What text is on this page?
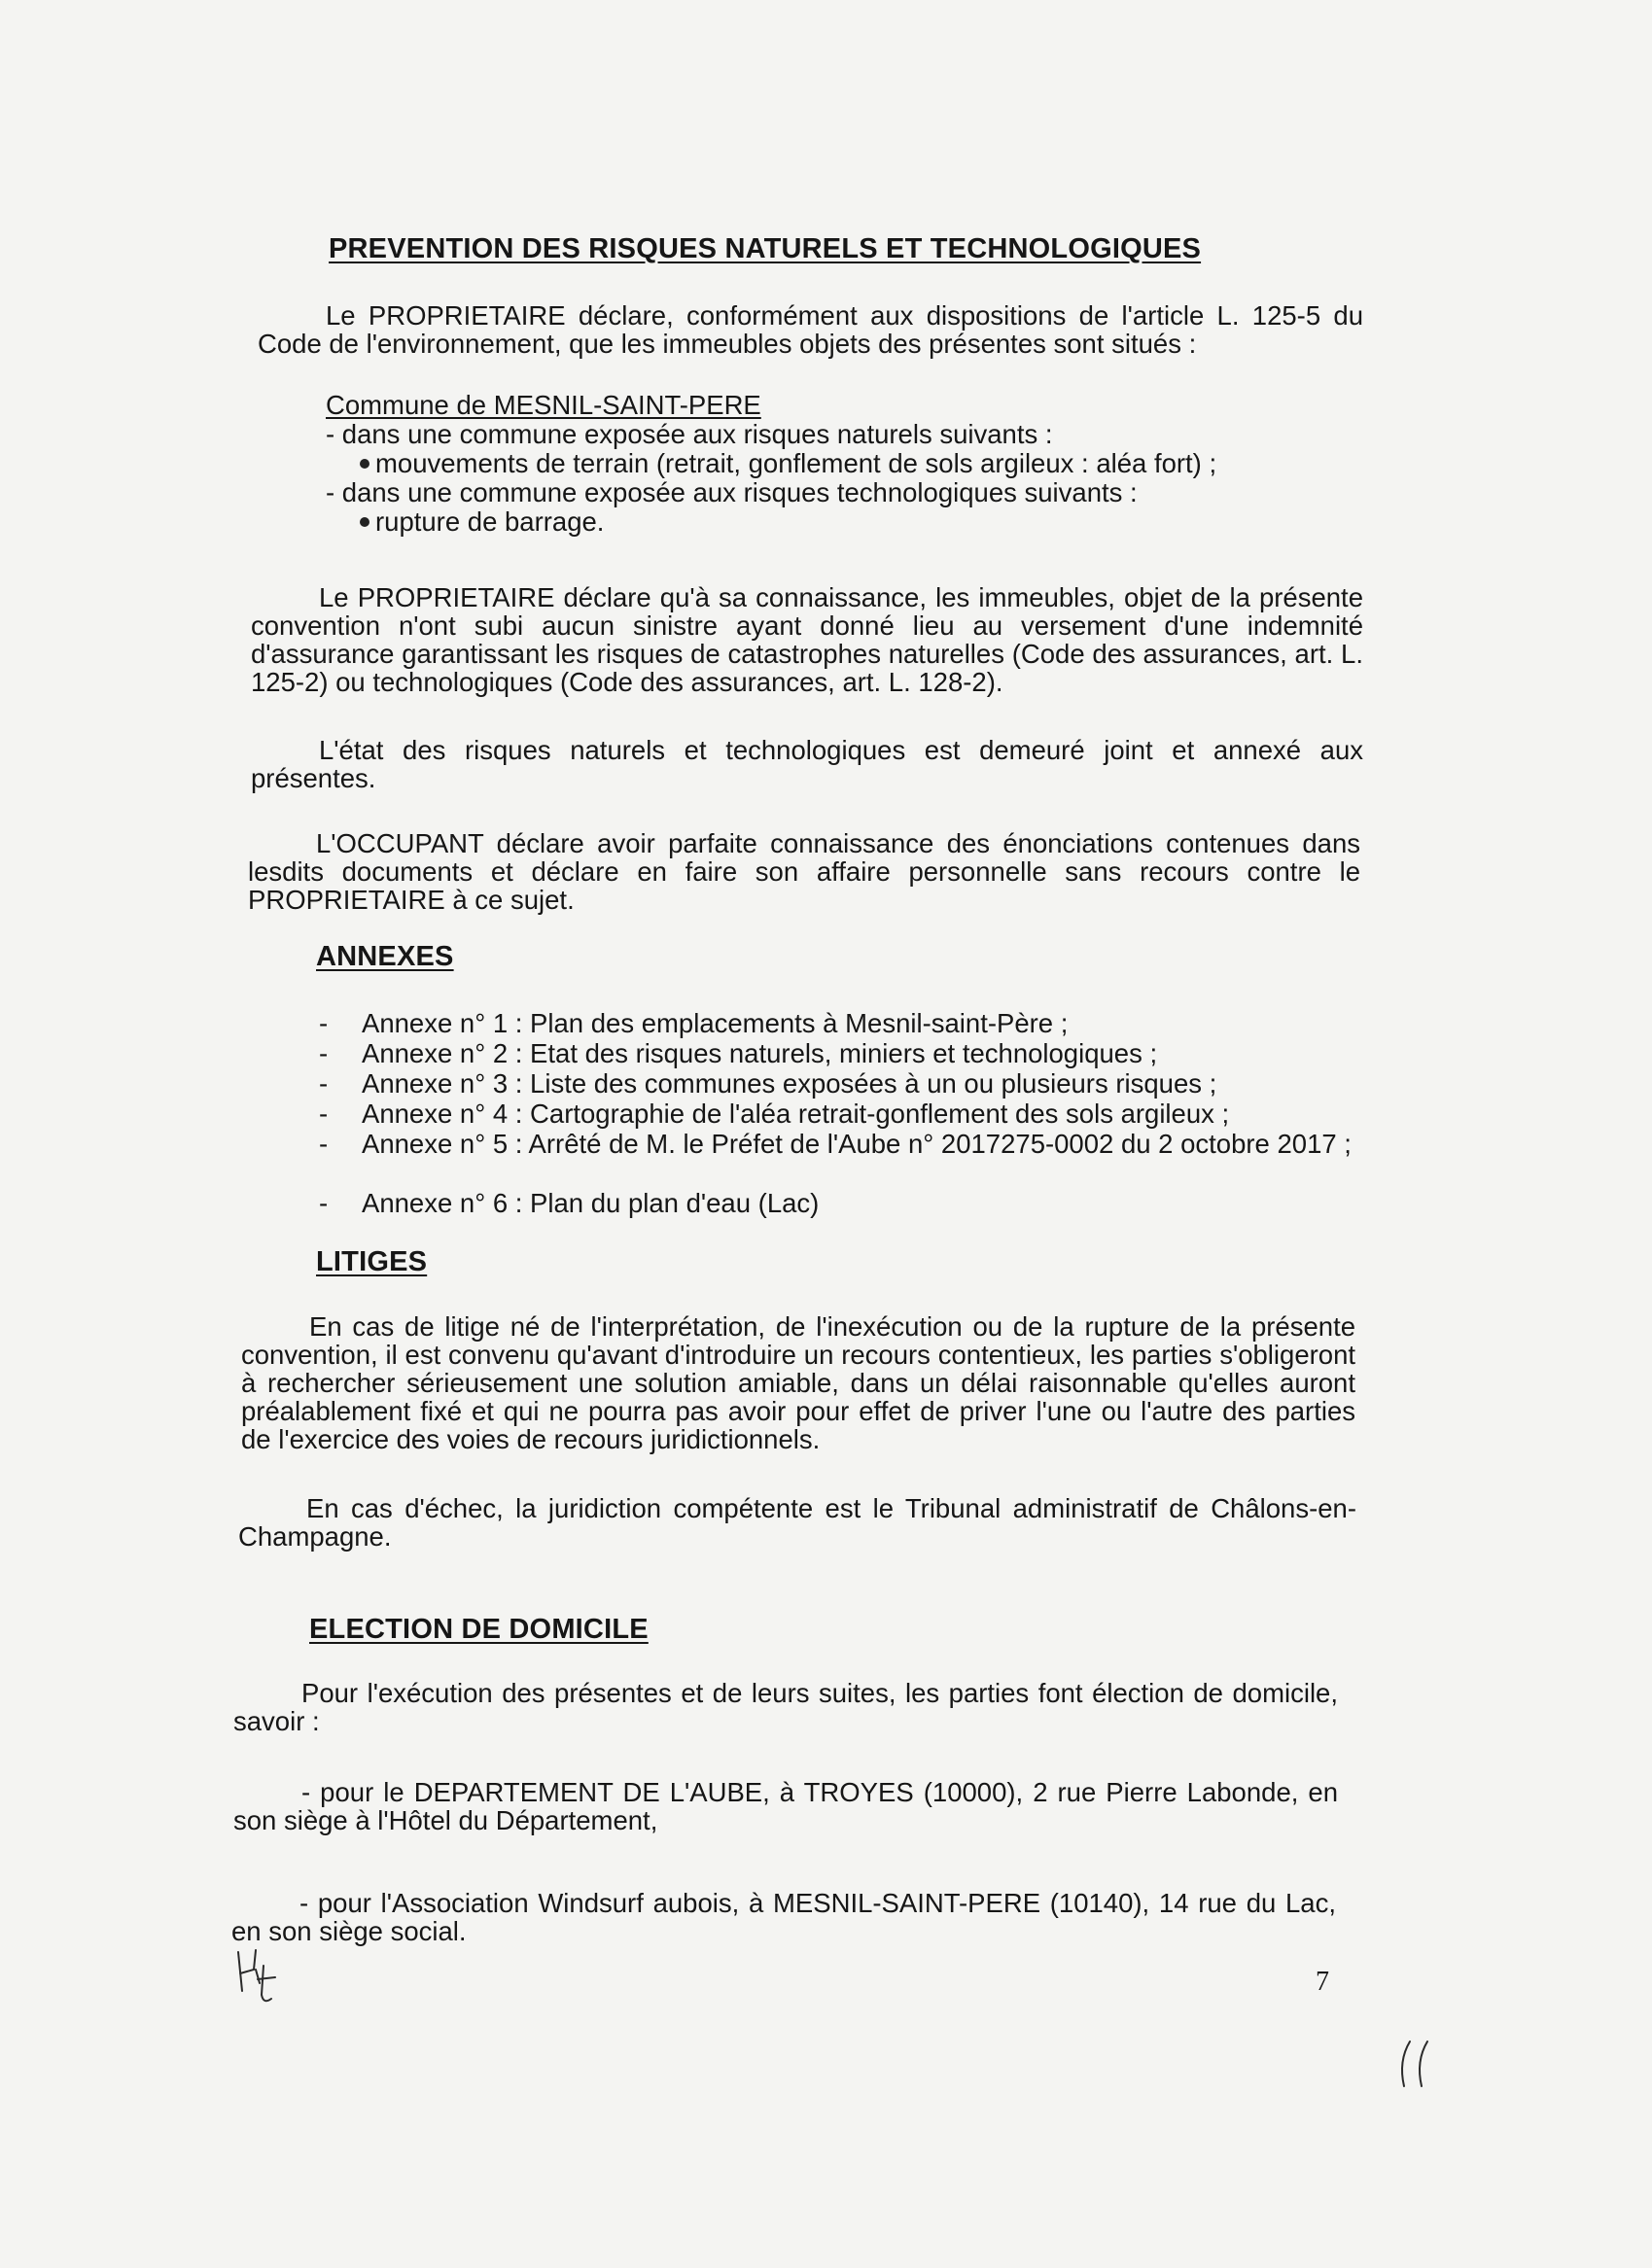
PREVENTION DES RISQUES NATURELS ET TECHNOLOGIQUES
Le PROPRIETAIRE déclare, conformément aux dispositions de l'article L. 125-5 du Code de l'environnement, que les immeubles objets des présentes sont situés :
Commune de MESNIL-SAINT-PERE
- dans une commune exposée aux risques naturels suivants :
mouvements de terrain (retrait, gonflement de sols argileux : aléa fort) ;
- dans une commune exposée aux risques technologiques suivants :
rupture de barrage.
Le PROPRIETAIRE déclare qu'à sa connaissance, les immeubles, objet de la présente convention n'ont subi aucun sinistre ayant donné lieu au versement d'une indemnité d'assurance garantissant les risques de catastrophes naturelles (Code des assurances, art. L. 125-2) ou technologiques (Code des assurances, art. L. 128-2).
L'état des risques naturels et technologiques est demeuré joint et annexé aux présentes.
L'OCCUPANT déclare avoir parfaite connaissance des énonciations contenues dans lesdits documents et déclare en faire son affaire personnelle sans recours contre le PROPRIETAIRE à ce sujet.
ANNEXES
- Annexe n° 1 : Plan des emplacements à Mesnil-saint-Père ;
- Annexe n° 2 : Etat des risques naturels, miniers et technologiques ;
- Annexe n° 3 : Liste des communes exposées à un ou plusieurs risques ;
- Annexe n° 4 : Cartographie de l'aléa retrait-gonflement des sols argileux ;
- Annexe n° 5 : Arrêté de M. le Préfet de l'Aube n° 2017275-0002 du 2 octobre 2017 ;
- Annexe n° 6 : Plan du plan d'eau (Lac)
LITIGES
En cas de litige né de l'interprétation, de l'inexécution ou de la rupture de la présente convention, il est convenu qu'avant d'introduire un recours contentieux, les parties s'obligeront à rechercher sérieusement une solution amiable, dans un délai raisonnable qu'elles auront préalablement fixé et qui ne pourra pas avoir pour effet de priver l'une ou l'autre des parties de l'exercice des voies de recours juridictionnels.
En cas d'échec, la juridiction compétente est le Tribunal administratif de Châlons-en-Champagne.
ELECTION DE DOMICILE
Pour l'exécution des présentes et de leurs suites, les parties font élection de domicile, savoir :
- pour le DEPARTEMENT DE L'AUBE, à TROYES (10000), 2 rue Pierre Labonde, en son siège à l'Hôtel du Département,
- pour l'Association Windsurf aubois, à MESNIL-SAINT-PERE (10140), 14 rue du Lac, en son siège social.
7
